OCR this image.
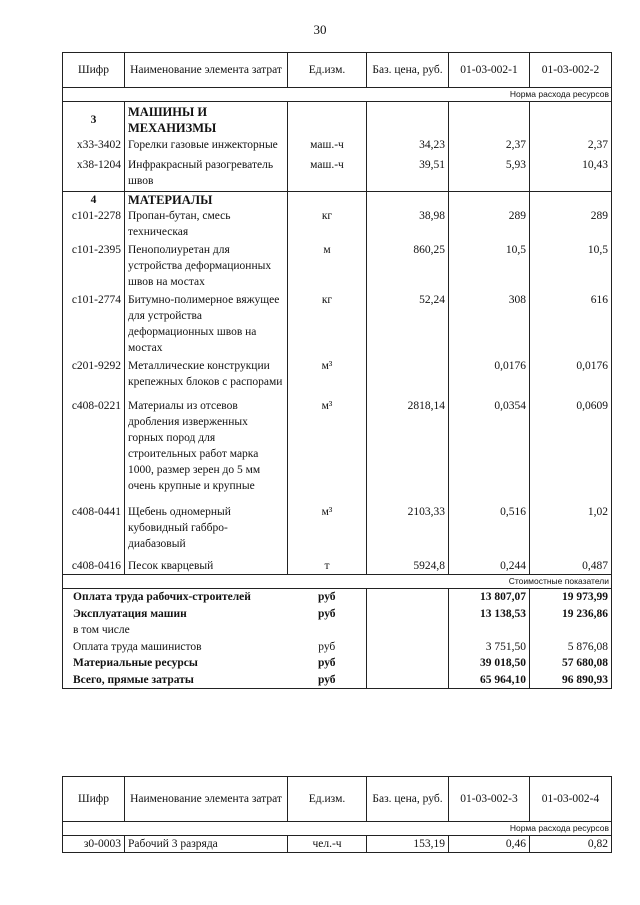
30
Шифр	Наименование элемента затрат	Ед.изм.	Баз. цена, руб.	01-03-002-1	01-03-002-2
Норма расхода ресурсов					
3	МАШИНЫ И МЕХАНИЗМЫ				
х33-3402	Горелки газовые инжекторные	маш.-ч	34,23	2,37	2,37
х38-1204	Инфракрасный разогреватель швов	маш.-ч	39,51	5,93	10,43
4	МАТЕРИАЛЫ				
с101-2278	Пропан-бутан, смесь техническая	кг	38,98	289	289
с101-2395	Пенополиуретан для устройства деформационных швов на мостах	м	860,25	10,5	10,5
с101-2774	Битумно-полимерное вяжущее для устройства деформационных швов на мостах	кг	52,24	308	616
с201-9292	Металлические конструкции крепежных блоков с распорами	м³		0,0176	0,0176
с408-0221	Материалы из отсевов дробления изверженных горных пород для строительных работ марка 1000, размер зерен до 5 мм очень крупные и крупные	м³	2818,14	0,0354	0,0609
с408-0441	Щебень одномерный кубовидный габбро-диабазовый	м³	2103,33	0,516	1,02
с408-0416	Песок кварцевый	т	5924,8	0,244	0,487
Стоимостные показатели					
Оплата труда рабочих-строителей		руб		13 807,07	19 973,99
Эксплуатация машин		руб		13 138,53	19 236,86
в том числе					
Оплата труда машинистов		руб		3 751,50	5 876,08
Материальные ресурсы		руб		39 018,50	57 680,08
Всего, прямые затраты		руб		65 964,10	96 890,93
Шифр	Наименование элемента затрат	Ед.изм.	Баз. цена, руб.	01-03-002-3	01-03-002-4
Норма расхода ресурсов					
з0-0003	Рабочий 3 разряда	чел.-ч	153,19	0,46	0,82
